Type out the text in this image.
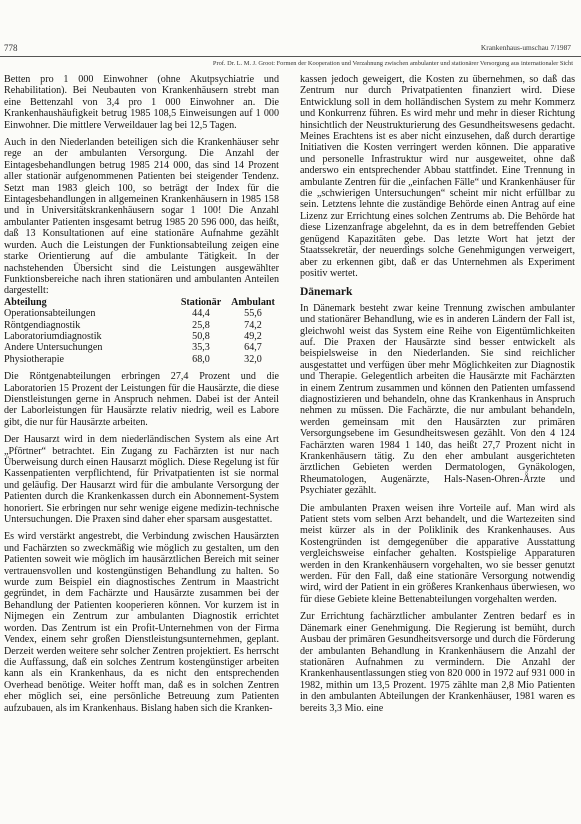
778	Krankenhaus-umschau 7/1987
Prof. Dr. L. M. J. Groot: Formen der Kooperation und Verzahnung zwischen ambulanter und stationärer Versorgung aus internationaler Sicht

Betten pro 1 000 Einwohner (ohne Akutpsychiatrie und Rehabilitation). Bei Neubauten von Krankenhäusern strebt man eine Bettenzahl von 3,4 pro 1 000 Einwohner an. Die Krankenhaushäufigkeit betrug 1985 108,5 Einweisungen auf 1 000 Einwohner. Die mittlere Verweildauer lag bei 12,5 Tagen.

Auch in den Niederlanden beteiligen sich die Krankenhäuser sehr rege an der ambulanten Versorgung. Die Anzahl der Eintagesbehandlungen betrug 1985 214 000, das sind 14 Prozent aller stationär aufgenommenen Patienten bei steigender Tendenz. Setzt man 1983 gleich 100, so beträgt der Index für die Eintagesbehandlungen in allgemeinen Krankenhäusern in 1985 158 und in Universitätskrankenhäusern sogar 1 100! Die Anzahl ambulanter Patienten insgesamt betrug 1985 20 596 000, das heißt, daß 13 Konsultationen auf eine stationäre Aufnahme gezählt wurden. Auch die Leistungen der Funktionsabteilung zeigen eine starke Orientierung auf die ambulante Tätigkeit. In der nachstehenden Übersicht sind die Leistungen ausgewählter Funktionsbereiche nach ihren stationären und ambulanten Anteilen dargestellt:

Abteilung	Stationär	Ambulant
Operationsabteilungen	44,4	55,6
Röntgendiagnostik	25,8	74,2
Laboratoriumdiagnostik	50,8	49,2
Andere Untersuchungen	35,3	64,7
Physiotherapie	68,0	32,0

Die Röntgenabteilungen erbringen 27,4 Prozent und die Laboratorien 15 Prozent der Leistungen für die Hausärzte, die diese Dienstleistungen gerne in Anspruch nehmen. Dabei ist der Anteil der Laborleistungen für Hausärzte relativ niedrig, weil es Labore gibt, die nur für Hausärzte arbeiten.

Der Hausarzt wird in dem niederländischen System als eine Art „Pförtner“ betrachtet. Ein Zugang zu Fachärzten ist nur nach Überweisung durch einen Hausarzt möglich. Diese Regelung ist für Kassenpatienten verpflichtend, für Privatpatienten ist sie normal und geläufig. Der Hausarzt wird für die ambulante Versorgung der Patienten durch die Krankenkassen durch ein Abonnement-System honoriert. Sie erbringen nur sehr wenige eigene medizin-technische Untersuchungen. Die Praxen sind daher eher sparsam ausgestattet.

Es wird verstärkt angestrebt, die Verbindung zwischen Hausärzten und Fachärzten so zweckmäßig wie möglich zu gestalten, um den Patienten soweit wie möglich im hausärztlichen Bereich mit seiner vertrauensvollen und kostengünstigen Behandlung zu halten. So wurde zum Beispiel ein diagnostisches Zentrum in Maastricht gegründet, in dem Fachärzte und Hausärzte zusammen bei der Behandlung der Patienten kooperieren können. Vor kurzem ist in Nijmegen ein Zentrum zur ambulanten Diagnostik errichtet worden. Das Zentrum ist ein Profit-Unternehmen von der Firma Vendex, einem sehr großen Dienstleistungsunternehmen, geplant. Derzeit werden weitere sehr solcher Zentren projektiert. Es herrscht die Auffassung, daß ein solches Zentrum kostengünstiger arbeiten kann als ein Krankenhaus, da es nicht den entsprechenden Overhead benötige. Weiter hofft man, daß es in solchen Zentren eher möglich sei, eine persönliche Betreuung zum Patienten aufzubauen, als im Krankenhaus. Bislang haben sich die Kranken-

kassen jedoch geweigert, die Kosten zu übernehmen, so daß das Zentrum nur durch Privatpatienten finanziert wird. Diese Entwicklung soll in dem holländischen System zu mehr Kommerz und Konkurrenz führen. Es wird mehr und mehr in dieser Richtung hinsichtlich der Neustrukturierung des Gesundheitswesens gedacht. Meines Erachtens ist es aber nicht einzusehen, daß durch derartige Initiativen die Kosten verringert werden können. Die apparative und personelle Infrastruktur wird nur ausgeweitet, ohne daß anderswo ein entsprechender Abbau stattfindet. Eine Trennung in ambulante Zentren für die „einfachen Fälle“ und Krankenhäuser für die „schwierigen Untersuchungen“ scheint mir nicht erfüllbar zu sein. Letztens lehnte die zuständige Behörde einen Antrag auf eine Lizenz zur Errichtung eines solchen Zentrums ab. Die Behörde hat diese Lizenzanfrage abgelehnt, da es in dem betreffenden Gebiet genügend Kapazitäten gebe. Das letzte Wort hat jetzt der Staatssekretär, der neuerdings solche Genehmigungen verweigert, aber zu erkennen gibt, daß er das Unternehmen als Experiment positiv wertet.

Dänemark

In Dänemark besteht zwar keine Trennung zwischen ambulanter und stationärer Behandlung, wie es in anderen Ländern der Fall ist, gleichwohl weist das System eine Reihe von Eigentümlichkeiten auf. Die Praxen der Hausärzte sind besser entwickelt als beispielsweise in den Niederlanden. Sie sind reichlicher ausgestattet und verfügen über mehr Möglichkeiten zur Diagnostik und Therapie. Gelegentlich arbeiten die Hausärzte mit Fachärzten in einem Zentrum zusammen und können den Patienten umfassend diagnostizieren und behandeln, ohne das Krankenhaus in Anspruch nehmen zu müssen. Die Fachärzte, die nur ambulant behandeln, werden gemeinsam mit den Hausärzten zur primären Versorgungsebene im Gesundheitswesen gezählt. Von den 4 124 Fachärzten waren 1984 1 140, das heißt 27,7 Prozent nicht in Krankenhäusern tätig. Zu den eher ambulant ausgerichteten ärztlichen Gebieten werden Dermatologen, Gynäkologen, Rheumatologen, Augenärzte, Hals-Nasen-Ohren-Ärzte und Psychiater gezählt.

Die ambulanten Praxen weisen ihre Vorteile auf. Man wird als Patient stets vom selben Arzt behandelt, und die Wartezeiten sind meist kürzer als in der Poliklinik des Krankenhauses. Aus Kostengründen ist demgegenüber die apparative Ausstattung vergleichsweise einfacher gehalten. Kostspielige Apparaturen werden in den Krankenhäusern vorgehalten, wo sie besser genutzt werden. Für den Fall, daß eine stationäre Versorgung notwendig wird, wird der Patient in ein größeres Krankenhaus überwiesen, wo für diese Gebiete kleine Bettenabteilungen vorgehalten werden.

Zur Errichtung fachärztlicher ambulanter Zentren bedarf es in Dänemark einer Genehmigung. Die Regierung ist bemüht, durch Ausbau der primären Gesundheitsversorge und durch die Förderung der ambulanten Behandlung in Krankenhäusern die Anzahl der stationären Aufnahmen zu vermindern. Die Anzahl der Krankenhausentlassungen stieg von 820 000 in 1972 auf 931 000 in 1982, mithin um 13,5 Prozent. 1975 zählte man 2,8 Mio Patienten in den ambulanten Abteilungen der Krankenhäuser, 1981 waren es bereits 3,3 Mio. eine
